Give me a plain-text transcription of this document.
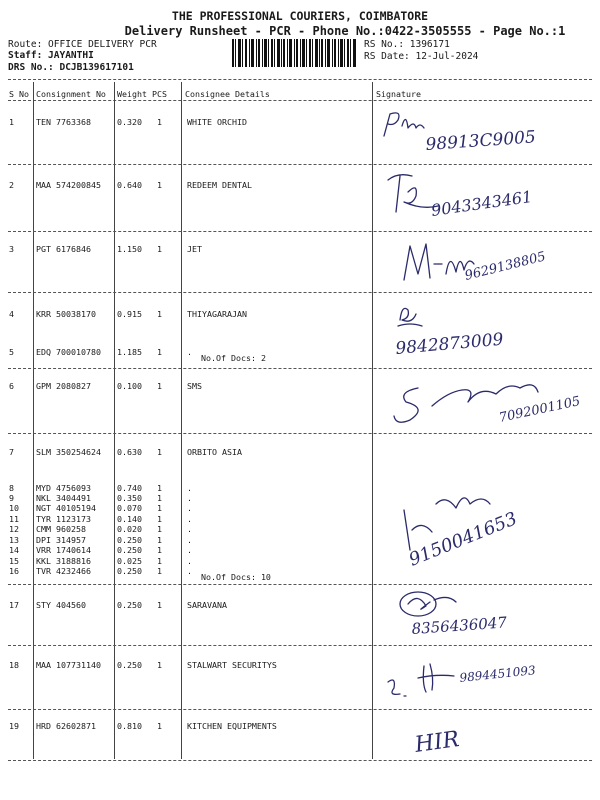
THE PROFESSIONAL COURIERS, COIMBATORE
Delivery Runsheet - PCR - Phone No.:0422-3505555 - Page No.:1
Route: OFFICE DELIVERY PCR
Staff: JAYANTHI
DRS No.: DCJB139617101
RS No.: 1396171
RS Date: 12-Jul-2024
S No Consignment No Weight PCS Consignee Details	Signature
1	TEN 7763368	0.320 1	WHITE ORCHID
2	MAA 574200845 0.640 1	REDEEM DENTAL
3	PGT 6176846	1.150 1	JET
4	KRR 50038170	0.915 1	THIYAGARAJAN
5	EDQ 700010780 1.185 1	.
6	GPM 2080827	0.100 1	SMS
7	SLM 350254624 0.630 1	ORBITO ASIA
8	MYD 4756093	0.740 1	.
9	NKL 3404491	0.350 1	.
10 NGT 40105194	0.070 1	.
11 TYR 1123173	0.140 1	.
12 CMM 960258	0.020 1	.
13 DPI 314957	0.250 1	.
14 VRR 1740614	0.250 1	.
15 KKL 3188816	0.025 1	.
16 TVR 4232466	0.250 1	.
17 STY 404560	0.250 1	SARAVANA
18 MAA 107731140 0.250 1	STALWART SECURITYS
19 HRD 62602871	0.810 1	KITCHEN EQUIPMENTS
No.Of Docs: 2
No.Of Docs: 10
98913C9005
9043343461
9629138805
9842873009
7092001105
9150041653
8356436047
9894451093
HIR
